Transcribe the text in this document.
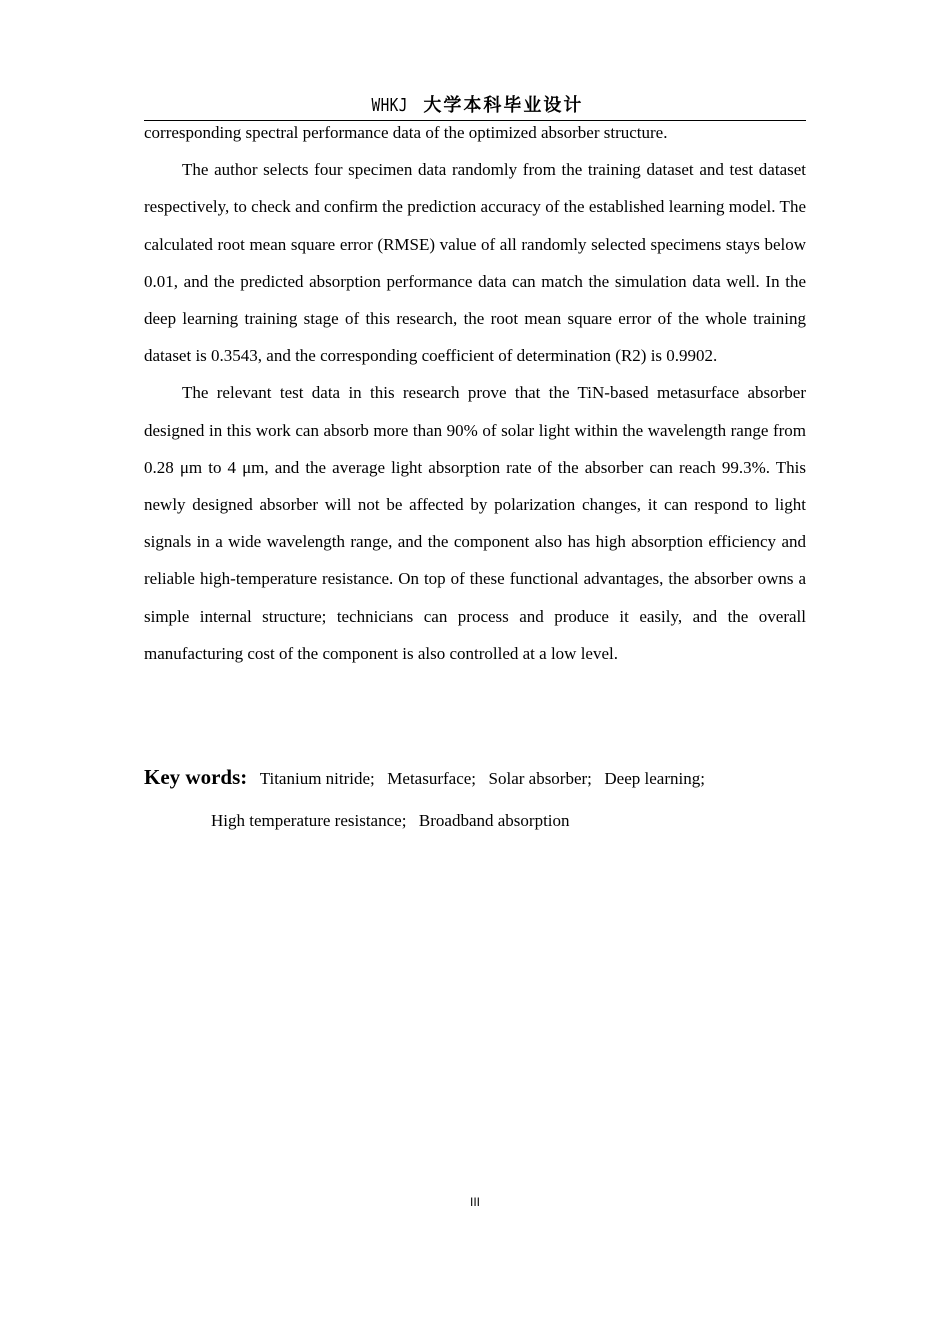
WHKJ 大学本科毕业设计

corresponding spectral performance data of the optimized absorber structure.

The author selects four specimen data randomly from the training dataset and test dataset respectively, to check and confirm the prediction accuracy of the established learning model. The calculated root mean square error (RMSE) value of all randomly selected specimens stays below 0.01, and the predicted absorption performance data can match the simulation data well. In the deep learning training stage of this research, the root mean square error of the whole training dataset is 0.3543, and the corresponding coefficient of determination (R2) is 0.9902.

The relevant test data in this research prove that the TiN-based metasurface absorber designed in this work can absorb more than 90% of solar light within the wavelength range from 0.28 μm to 4 μm, and the average light absorption rate of the absorber can reach 99.3%. This newly designed absorber will not be affected by polarization changes, it can respond to light signals in a wide wavelength range, and the component also has high absorption efficiency and reliable high-temperature resistance. On top of these functional advantages, the absorber owns a simple internal structure; technicians can process and produce it easily, and the overall manufacturing cost of the component is also controlled at a low level.

Key words: Titanium nitride; Metasurface; Solar absorber; Deep learning;
High temperature resistance; Broadband absorption
III
